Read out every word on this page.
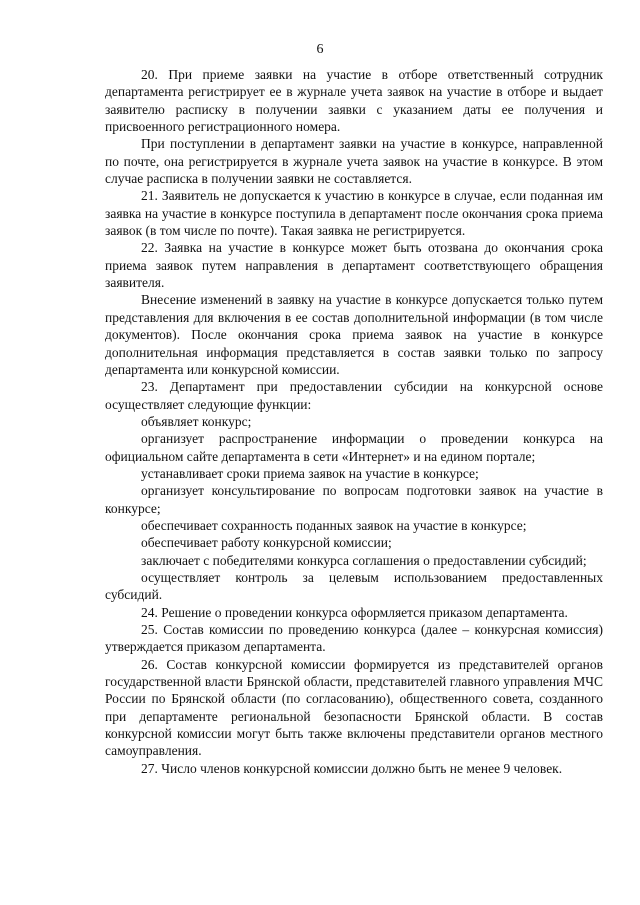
6

20. При приеме заявки на участие в отборе ответственный сотрудник департамента регистрирует ее в журнале учета заявок на участие в отборе и выдает заявителю расписку в получении заявки с указанием даты ее получения и присвоенного регистрационного номера.

При поступлении в департамент заявки на участие в конкурсе, направленной по почте, она регистрируется в журнале учета заявок на участие в конкурсе. В этом случае расписка в получении заявки не составляется.

21. Заявитель не допускается к участию в конкурсе в случае, если поданная им заявка на участие в конкурсе поступила в департамент после окончания срока приема заявок (в том числе по почте). Такая заявка не регистрируется.

22. Заявка на участие в конкурсе может быть отозвана до окончания срока приема заявок путем направления в департамент соответствующего обращения заявителя.

Внесение изменений в заявку на участие в конкурсе допускается только путем представления для включения в ее состав дополнительной информации (в том числе документов). После окончания срока приема заявок на участие в конкурсе дополнительная информация представляется в состав заявки только по запросу департамента или конкурсной комиссии.

23. Департамент при предоставлении субсидии на конкурсной основе осуществляет следующие функции:

объявляет конкурс;

организует распространение информации о проведении конкурса на официальном сайте департамента в сети «Интернет» и на едином портале;

устанавливает сроки приема заявок на участие в конкурсе;

организует консультирование по вопросам подготовки заявок на участие в конкурсе;

обеспечивает сохранность поданных заявок на участие в конкурсе;

обеспечивает работу конкурсной комиссии;

заключает с победителями конкурса соглашения о предоставлении субсидий;

осуществляет контроль за целевым использованием предоставленных субсидий.

24. Решение о проведении конкурса оформляется приказом департамента.

25. Состав комиссии по проведению конкурса (далее – конкурсная комиссия) утверждается приказом департамента.

26. Состав конкурсной комиссии формируется из представителей органов государственной власти Брянской области, представителей главного управления МЧС России по Брянской области (по согласованию), общественного совета, созданного при департаменте региональной безопасности Брянской области. В состав конкурсной комиссии могут быть также включены представители органов местного самоуправления.

27. Число членов конкурсной комиссии должно быть не менее 9 человек.
